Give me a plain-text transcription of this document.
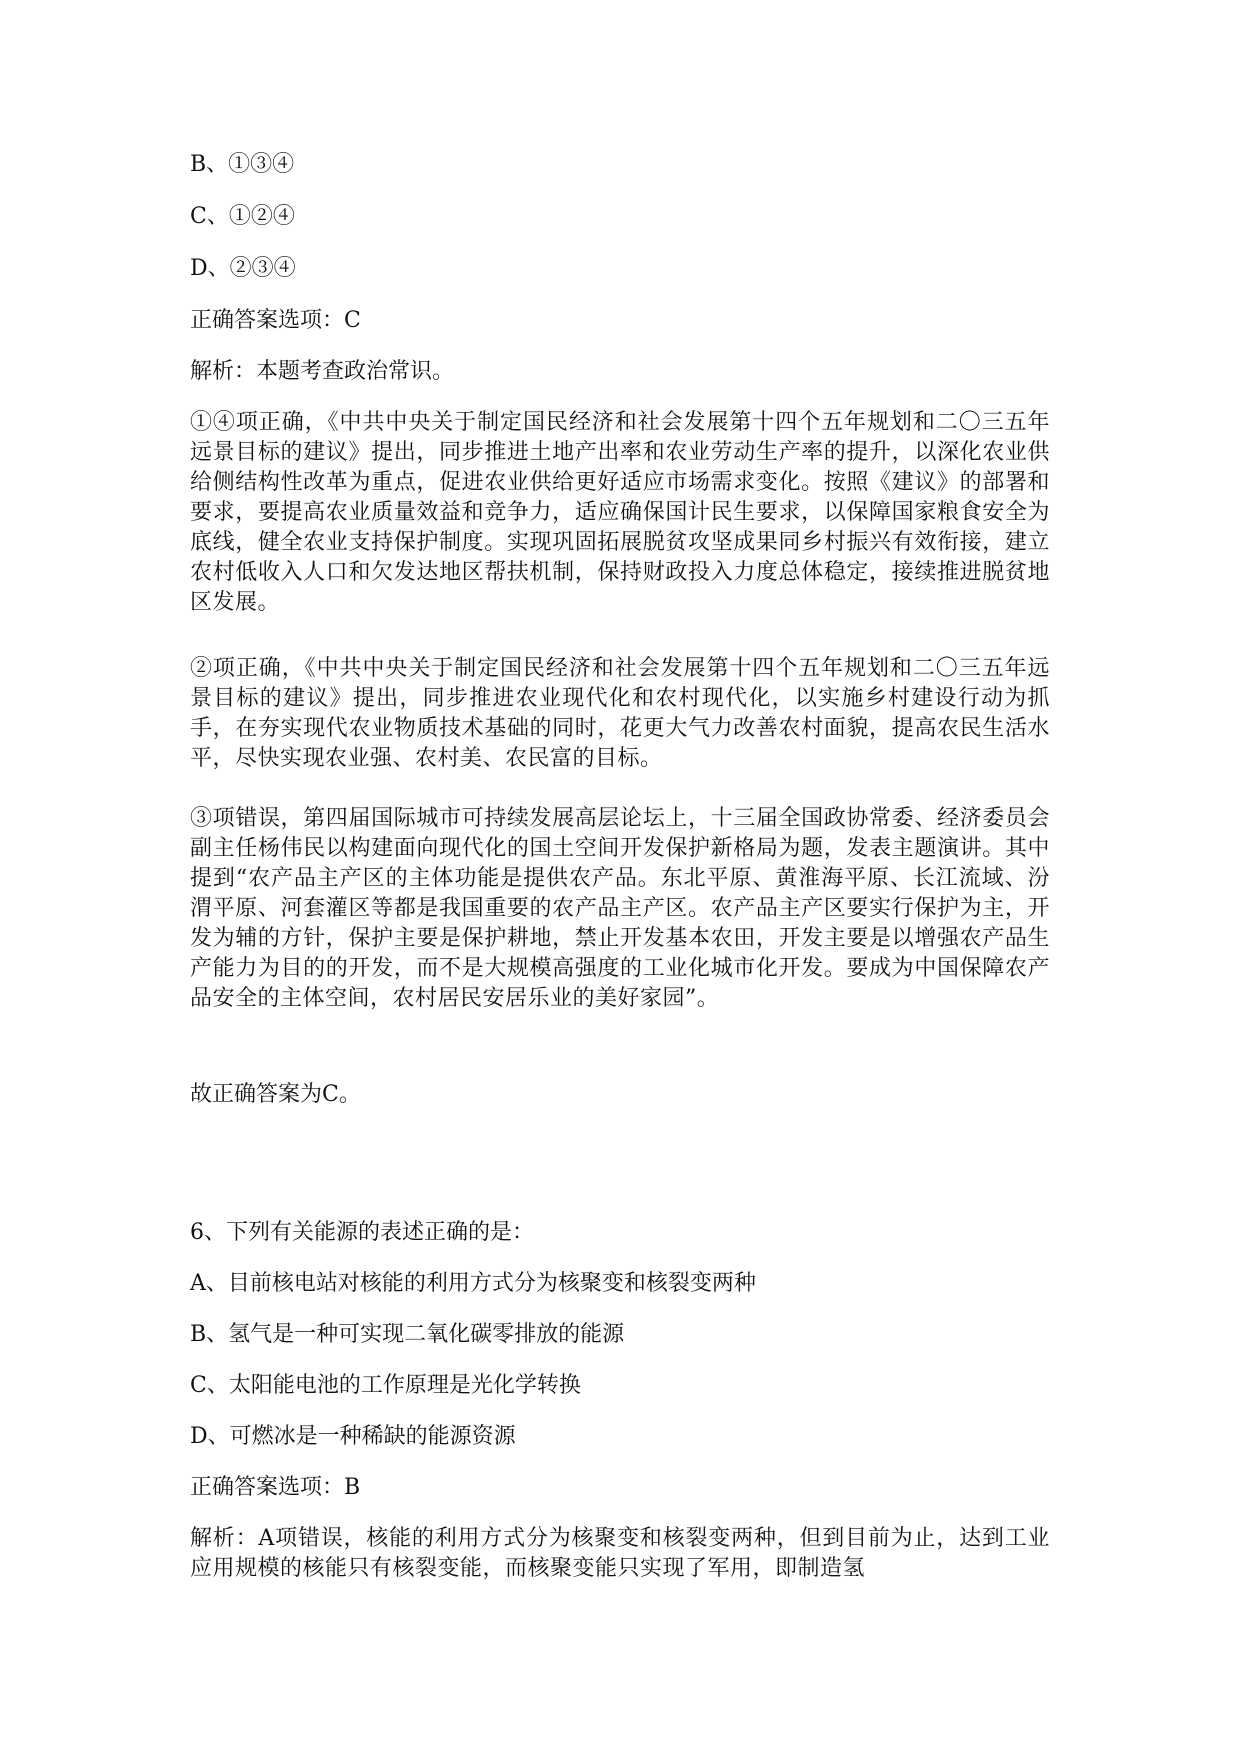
B、①③④

C、①②④

D、②③④

正确答案选项：C

解析：本题考查政治常识。

①④项正确，《中共中央关于制定国民经济和社会发展第十四个五年规划和二〇三五年远景目标的建议》提出，同步推进土地产出率和农业劳动生产率的提升，以深化农业供给侧结构性改革为重点，促进农业供给更好适应市场需求变化。按照《建议》的部署和要求，要提高农业质量效益和竞争力，适应确保国计民生要求，以保障国家粮食安全为底线，健全农业支持保护制度。实现巩固拓展脱贫攻坚成果同乡村振兴有效衔接，建立农村低收入人口和欠发达地区帮扶机制，保持财政投入力度总体稳定，接续推进脱贫地区发展。

②项正确，《中共中央关于制定国民经济和社会发展第十四个五年规划和二〇三五年远景目标的建议》提出，同步推进农业现代化和农村现代化，以实施乡村建设行动为抓手，在夯实现代农业物质技术基础的同时，花更大气力改善农村面貌，提高农民生活水平，尽快实现农业强、农村美、农民富的目标。

③项错误，第四届国际城市可持续发展高层论坛上，十三届全国政协常委、经济委员会副主任杨伟民以构建面向现代化的国土空间开发保护新格局为题，发表主题演讲。其中提到“农产品主产区的主体功能是提供农产品。东北平原、黄淮海平原、长江流域、汾渭平原、河套灌区等都是我国重要的农产品主产区。农产品主产区要实行保护为主，开发为辅的方针，保护主要是保护耕地，禁止开发基本农田，开发主要是以增强农产品生产能力为目的的开发，而不是大规模高强度的工业化城市化开发。要成为中国保障农产品安全的主体空间，农村居民安居乐业的美好家园”。

故正确答案为C。

6、下列有关能源的表述正确的是：

A、目前核电站对核能的利用方式分为核聚变和核裂变两种

B、氢气是一种可实现二氧化碳零排放的能源

C、太阳能电池的工作原理是光化学转换

D、可燃冰是一种稀缺的能源资源

正确答案选项：B

解析：A项错误，核能的利用方式分为核聚变和核裂变两种，但到目前为止，达到工业应用规模的核能只有核裂变能，而核聚变能只实现了军用，即制造氢
